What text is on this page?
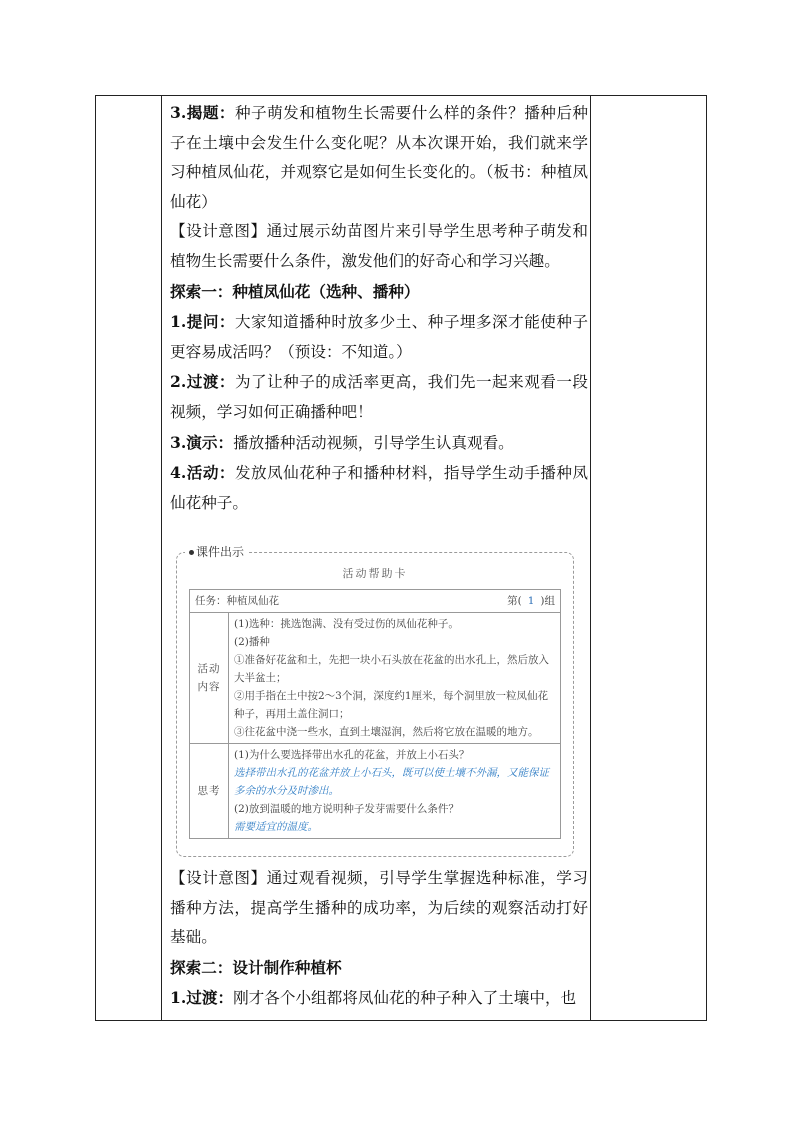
3.揭题：种子萌发和植物生长需要什么样的条件？播种后种子在土壤中会发生什么变化呢？从本次课开始，我们就来学习种植凤仙花，并观察它是如何生长变化的。（板书：种植凤仙花）

【设计意图】通过展示幼苗图片来引导学生思考种子萌发和植物生长需要什么条件，激发他们的好奇心和学习兴趣。

探索一：种植凤仙花（选种、播种）

1.提问：大家知道播种时放多少土、种子埋多深才能使种子更容易成活吗？（预设：不知道。）

2.过渡：为了让种子的成活率更高，我们先一起来观看一段视频，学习如何正确播种吧！

3.演示：播放播种活动视频，引导学生认真观看。

4.活动：发放凤仙花种子和播种材料，指导学生动手播种凤仙花种子。

课件出示
活动帮助卡
任务：种植凤仙花 第( 1 )组	

活动内容	(1)选种：挑选饱满、没有受过伤的凤仙花种子。
(2)播种
①准备好花盆和土，先把一块小石头放在花盆的出水孔上，然后放入大半盆土；
②用手指在土中按2～3个洞，深度约1厘米，每个洞里放一粒凤仙花种子，再用土盖住洞口；
③往花盆中浇一些水，直到土壤湿润，然后将它放在温暖的地方。

思考	(1)为什么要选择带出水孔的花盆，并放上小石头？
选择带出水孔的花盆并放上小石头，既可以使土壤不外漏，又能保证多余的水分及时渗出。
(2)放到温暖的地方说明种子发芽需要什么条件？
需要适宜的温度。

【设计意图】通过观看视频，引导学生掌握选种标准，学习播种方法，提高学生播种的成功率，为后续的观察活动打好基础。

探索二：设计制作种植杯

1.过渡：刚才各个小组都将凤仙花的种子种入了土壤中，也
